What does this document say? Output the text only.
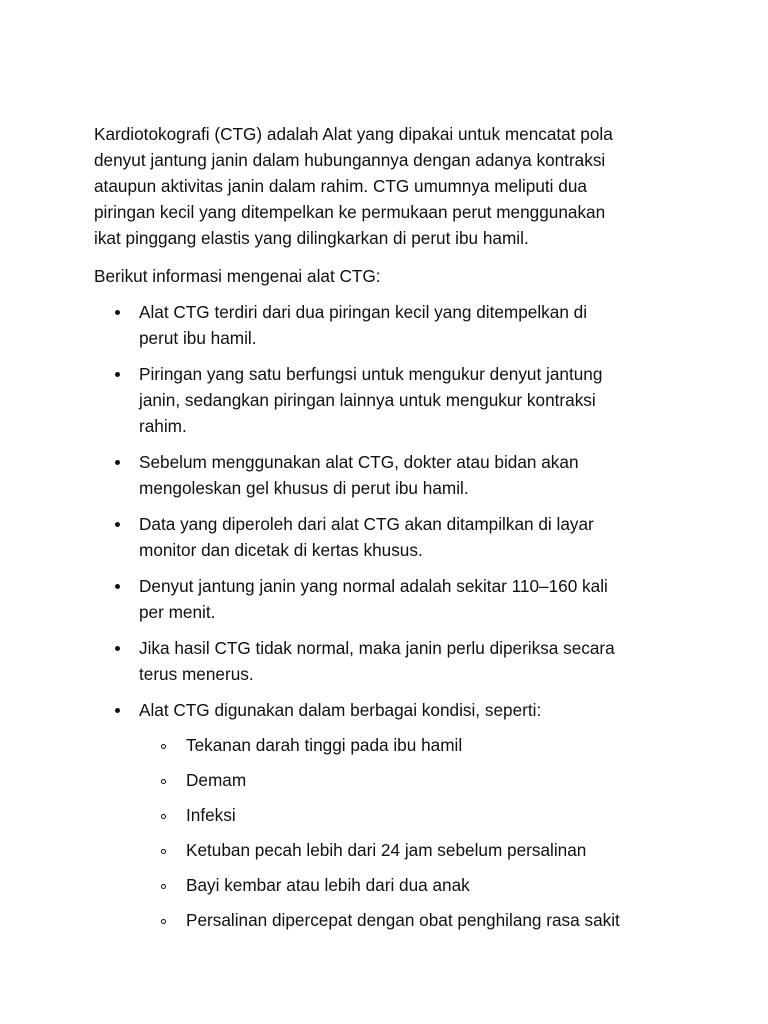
Kardiotokografi (CTG) adalah Alat yang dipakai untuk mencatat pola
denyut jantung janin dalam hubungannya dengan adanya kontraksi
ataupun aktivitas janin dalam rahim. CTG umumnya meliputi dua
piringan kecil yang ditempelkan ke permukaan perut menggunakan
ikat pinggang elastis yang dilingkarkan di perut ibu hamil.

Berikut informasi mengenai alat CTG:

Alat CTG terdiri dari dua piringan kecil yang ditempelkan di
perut ibu hamil.
Piringan yang satu berfungsi untuk mengukur denyut jantung
janin, sedangkan piringan lainnya untuk mengukur kontraksi
rahim.
Sebelum menggunakan alat CTG, dokter atau bidan akan
mengoleskan gel khusus di perut ibu hamil.
Data yang diperoleh dari alat CTG akan ditampilkan di layar
monitor dan dicetak di kertas khusus.
Denyut jantung janin yang normal adalah sekitar 110–160 kali
per menit.
Jika hasil CTG tidak normal, maka janin perlu diperiksa secara
terus menerus.
Alat CTG digunakan dalam berbagai kondisi, seperti:
Tekanan darah tinggi pada ibu hamil
Demam
Infeksi
Ketuban pecah lebih dari 24 jam sebelum persalinan
Bayi kembar atau lebih dari dua anak
Persalinan dipercepat dengan obat penghilang rasa sakit
